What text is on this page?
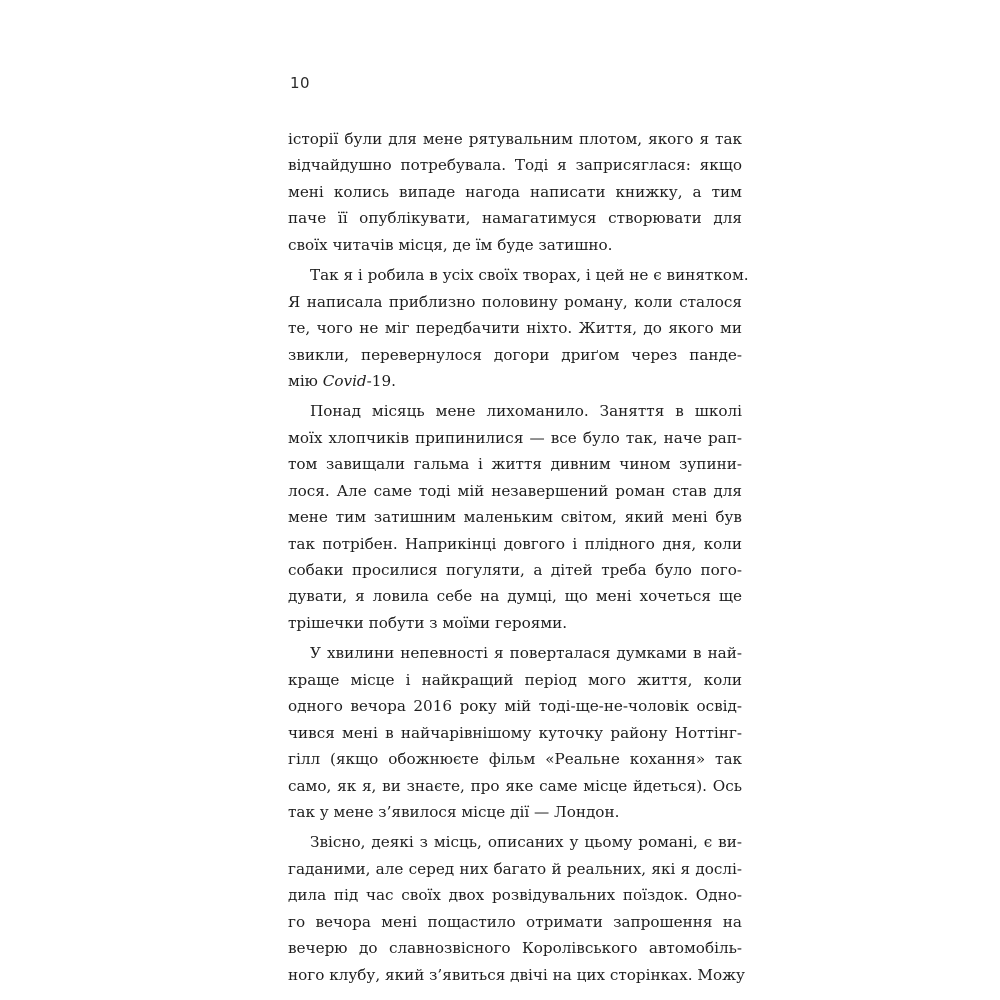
10
історії були для мене рятувальним плотом, якого я так
відчайдушно потребувала. Тоді я заприсяглася: якщо
мені колись випаде нагода написати книжку, а тим
паче її опублікувати, намагатимуся створювати для
своїх читачів місця, де їм буде затишно.
Так я і робила в усіх своїх творах, і цей не є винятком.
Я написала приблизно половину роману, коли сталося
те, чого не міг передбачити ніхто. Життя, до якого ми
звикли, перевернулося догори дриґом через панде-
мію Covid-19.
Понад місяць мене лихоманило. Заняття в школі
моїх хлопчиків припинилися — все було так, наче рап-
том завищали гальма і життя дивним чином зупини-
лося. Але саме тоді мій незавершений роман став для
мене тим затишним маленьким світом, який мені був
так потрібен. Наприкінці довгого і плідного дня, коли
собаки просилися погуляти, а дітей треба було пого-
дувати, я ловила себе на думці, що мені хочеться ще
трішечки побути з моїми героями.
У хвилини непевності я поверталася думками в най-
краще місце і найкращий період мого життя, коли
одного вечора 2016 року мій тоді-ще-не-чоловік освід-
чився мені в найчарівнішому куточку району Ноттінг-
гілл (якщо обожнюєте фільм «Реальне кохання» так
само, як я, ви знаєте, про яке саме місце йдеться). Ось
так у мене з’явилося місце дії — Лондон.
Звісно, деякі з місць, описаних у цьому романі, є ви-
гаданими, але серед них багато й реальних, які я дослі-
дила під час своїх двох розвідувальних поїздок. Одно-
го вечора мені пощастило отримати запрошення на
вечерю до славнозвісного Королівського автомобіль-
ного клубу, який з’явиться двічі на цих сторінках. Можу
